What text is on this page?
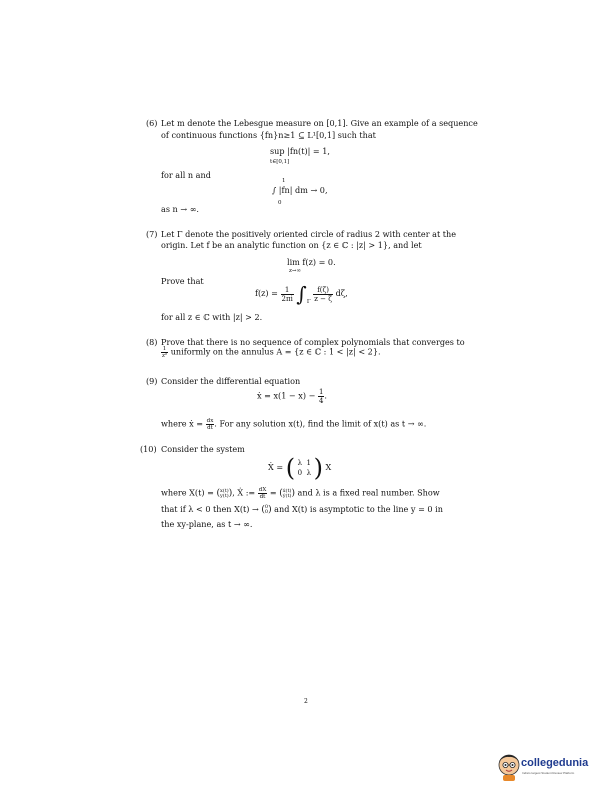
(6) Let m denote the Lebesgue measure on [0,1]. Give an example of a sequence
of continuous functions {fn}n≥1 ⊆ L¹[0,1] such that
sup |fn(t)| = 1,
t∈[0,1]
for all n and
1
0
∫ |fn| dm → 0,
as n → ∞.
(7) Let Γ denote the positively oriented circle of radius 2 with center at the
origin. Let f be an analytic function on {z ∈ ℂ : |z| > 1}, and let
lim f(z) = 0.
z→∞
Prove that
$f(z) = \frac{1}{2\pi i} \int_\Gamma \frac{f(\zeta)}{z - \zeta} d\zeta$,
for all z ∈ ℂ with |z| > 2.
(8) Prove that there is no sequence of complex polynomials that converges to
$\frac{1}{\text{z²}}$ uniformly on the annulus A = {z ∈ ℂ : 1 < |z| < 2}.
(9) Consider the differential equation
ẋ = $x(1 - x) - \frac{1}{4}$ .
where ẋ = $\frac{dx}{dt}$ . For any solution x(t), find the limit of x(t) as t → ∞.
(10) Consider the system
Ẋ = ( λ 1
0 λ ) X
where X(t) = (x(t)
y(t)), Ẋ := $\frac{dX}{dt}$ = (ẋ(t)
ẏ(t)) and λ is a fixed real number. Show
that if λ < 0 then X(t) → (0
0) and X(t) is asymptotic to the line y = 0 in
the xy-plane, as t → ∞.
2
collegedunia
India's largest Student Review Platform
